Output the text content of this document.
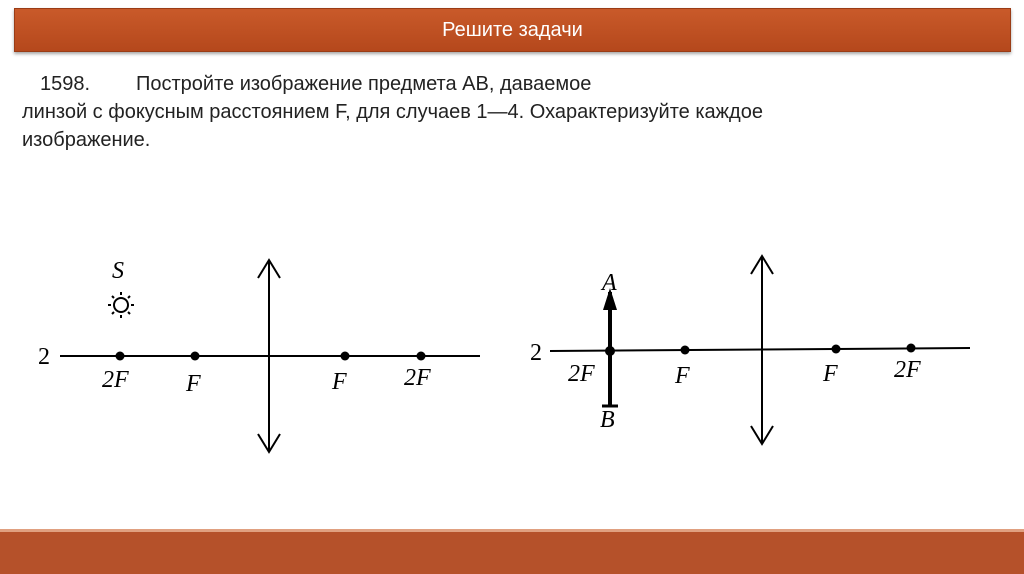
Решите задачи
1598. Постройте изображение предмета AB, даваемое
линзой с фокусным расстоянием F, для случаев 1—4. Охарактеризуйте каждое
изображение.
S
2
2F F	F 2F
A
B
2
2F	F	F 2F
